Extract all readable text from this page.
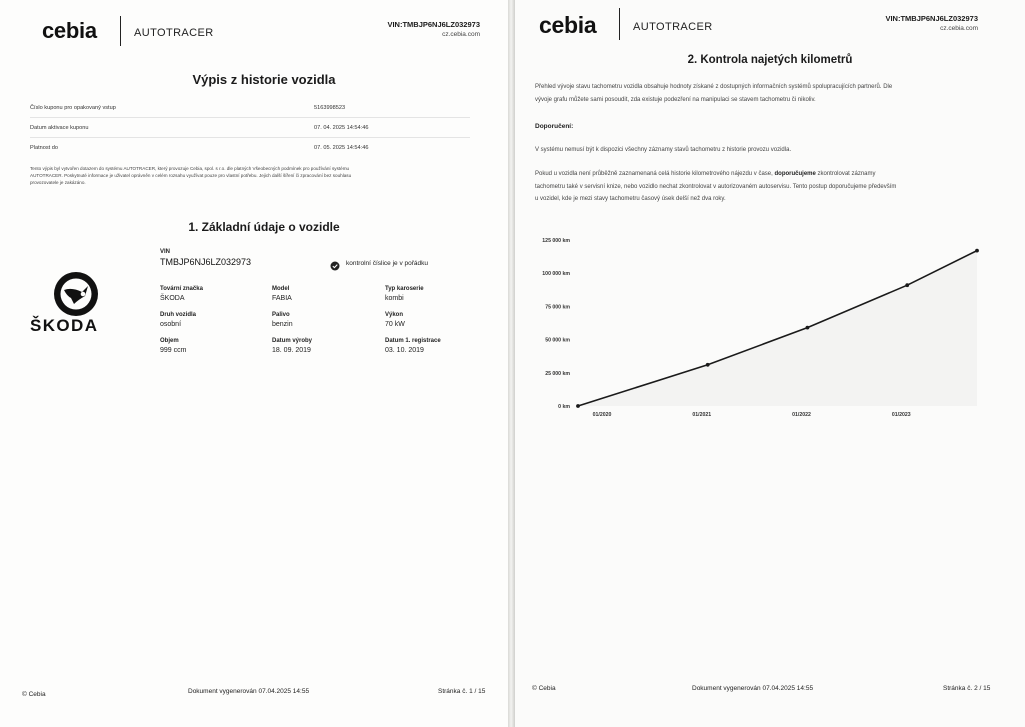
cebia	AUTOTRACER
VIN:TMBJP6NJ6LZ032973
cz.cebia.com
Výpis z historie vozidla
Číslo kuponu pro opakovaný vstup	5163998523
Datum aktivace kuponu	07. 04. 2025 14:54:46
Platnost do	07. 05. 2025 14:54:46
Tento výpis byl vytvořen dotazem do systému AUTOTRACER, který provozuje Cebia, spol. s r.o. dle platných Všeobecných podmínek pro používání systému
AUTOTRACER. Poskytnuté informace je uživatel oprávněn v celém rozsahu využívat pouze pro vlastní potřebu. Jejich další šíření či zpracování bez souhlasu
provozovatele je zakázáno.
1. Základní údaje o vozidle
ŠKODA
VIN
TMBJP6NJ6LZ032973	kontrolní číslice je v pořádku
Tovární značka
ŠKODA
Model
FABIA
Typ karoserie
kombi
Druh vozidla
osobní
Palivo
benzin
Výkon
70 kW
Objem
999 ccm
Datum výroby
18. 09. 2019
Datum 1. registrace
03. 10. 2019
© Cebia	Dokument vygenerován 07.04.2025 14:55	Stránka č. 1 / 15
cebia	AUTOTRACER
VIN:TMBJP6NJ6LZ032973
cz.cebia.com
2. Kontrola najetých kilometrů
Přehled vývoje stavu tachometru vozidla obsahuje hodnoty získané z dostupných informačních systémů spolupracujících partnerů. Dle
vývoje grafu můžete sami posoudit, zda existuje podezření na manipulaci se stavem tachometru či nikoliv.
Doporučení:
V systému nemusí být k dispozici všechny záznamy stavů tachometru z historie provozu vozidla.
Pokud u vozidla není průběžně zaznamenaná celá historie kilometrového nájezdu v čase, doporučujeme zkontrolovat záznamy
tachometru také v servisní knize, nebo vozidlo nechat zkontrolovat v autorizovaném autoservisu. Tento postup doporučujeme především
u vozidel, kde je mezi stavy tachometru časový úsek delší než dva roky.
0 km
25 000 km
50 000 km
75 000 km
100 000 km
125 000 km
01/2020	01/2021	01/2022	01/2023
© Cebia	Dokument vygenerován 07.04.2025 14:55	Stránka č. 2 / 15
